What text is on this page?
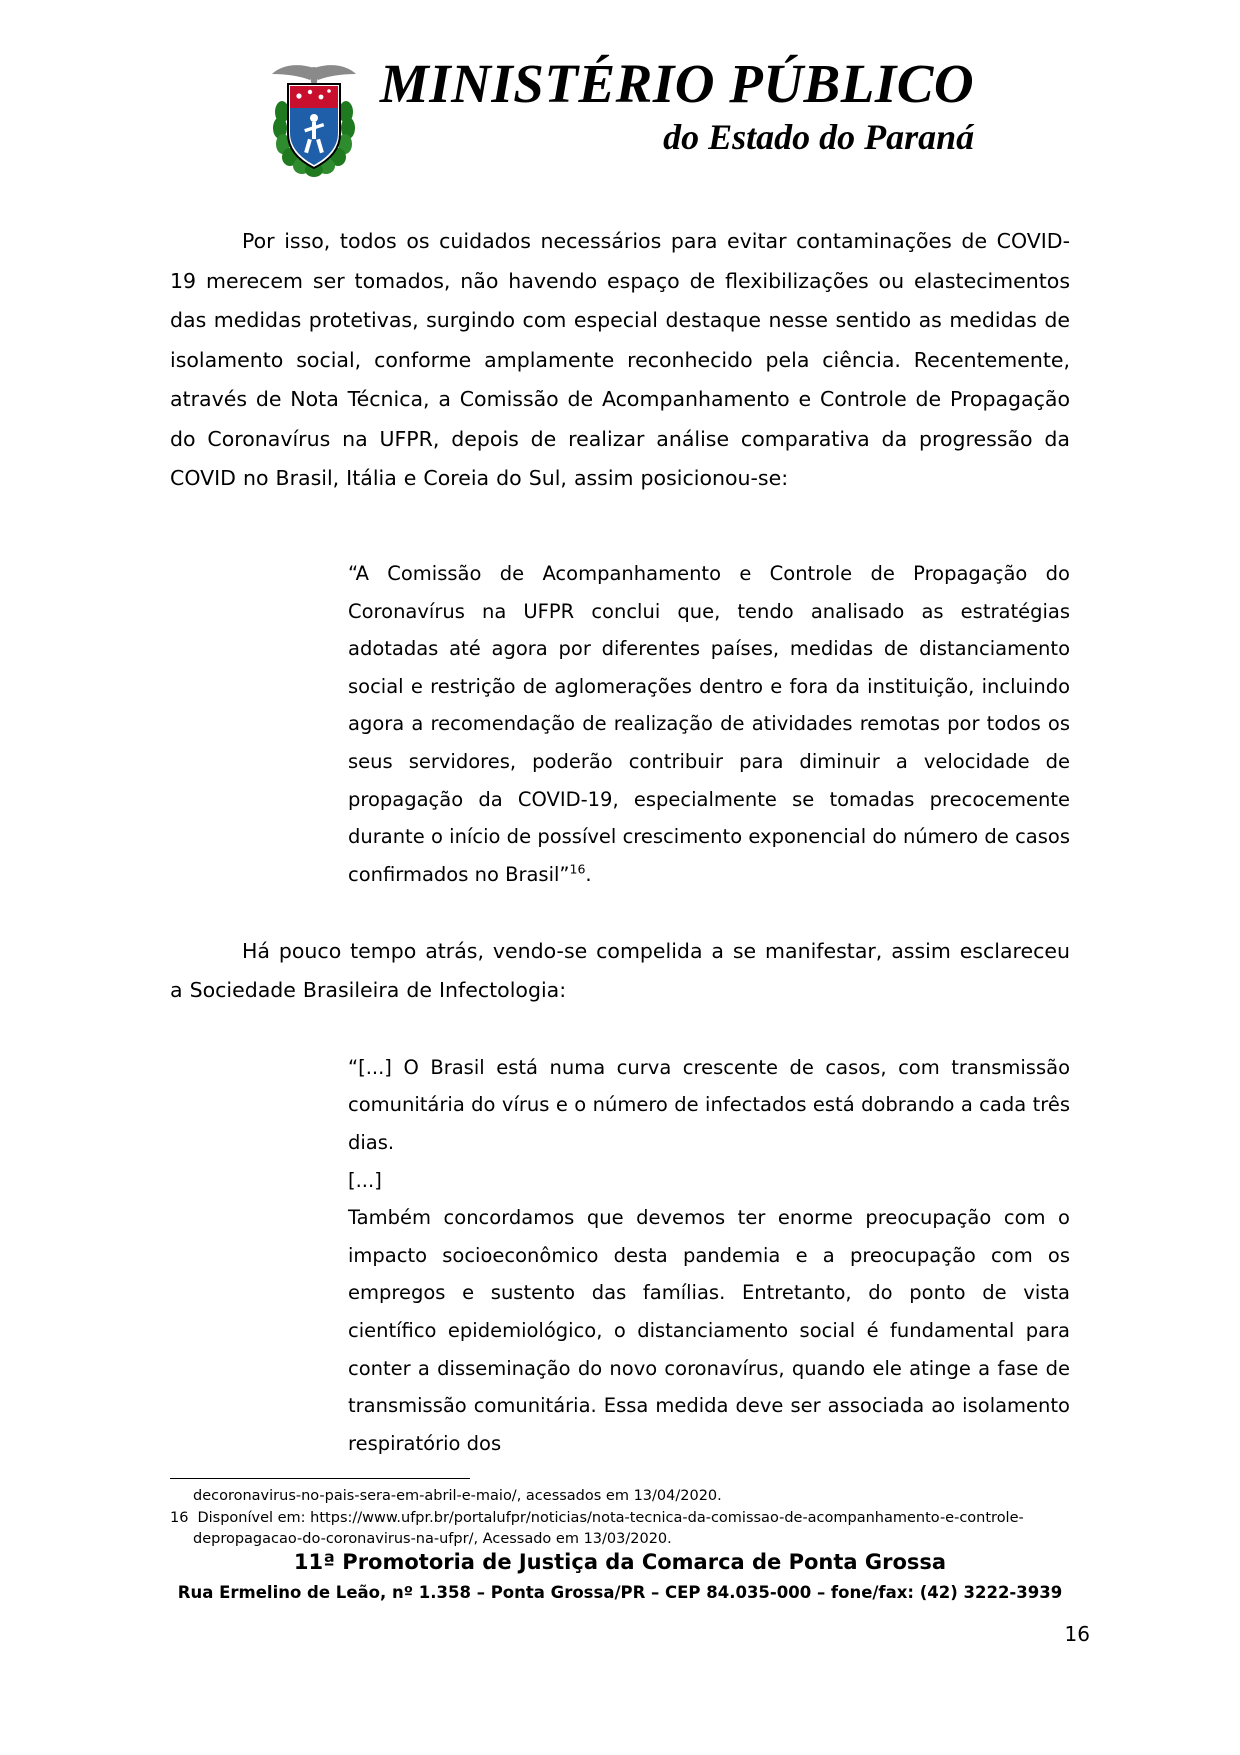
MINISTÉRIO PÚBLICO
do Estado do Paraná

Por isso, todos os cuidados necessários para evitar contaminações de COVID-19 merecem ser tomados, não havendo espaço de flexibilizações ou elastecimentos das medidas protetivas, surgindo com especial destaque nesse sentido as medidas de isolamento social, conforme amplamente reconhecido pela ciência. Recentemente, através de Nota Técnica, a Comissão de Acompanhamento e Controle de Propagação do Coronavírus na UFPR, depois de realizar análise comparativa da progressão da COVID no Brasil, Itália e Coreia do Sul, assim posicionou-se:

“A Comissão de Acompanhamento e Controle de Propagação do Coronavírus na UFPR conclui que, tendo analisado as estratégias adotadas até agora por diferentes países, medidas de distanciamento social e restrição de aglomerações dentro e fora da instituição, incluindo agora a recomendação de realização de atividades remotas por todos os seus servidores, poderão contribuir para diminuir a velocidade de propagação da COVID-19, especialmente se tomadas precocemente durante o início de possível crescimento exponencial do número de casos confirmados no Brasil”$^{16}$.

Há pouco tempo atrás, vendo-se compelida a se manifestar, assim esclareceu a Sociedade Brasileira de Infectologia:

“[...] O Brasil está numa curva crescente de casos, com transmissão comunitária do vírus e o número de infectados está dobrando a cada três dias.

[...]

Também concordamos que devemos ter enorme preocupação com o impacto socioeconômico desta pandemia e a preocupação com os empregos e sustento das famílias. Entretanto, do ponto de vista científico epidemiológico, o distanciamento social é fundamental para conter a disseminação do novo coronavírus, quando ele atinge a fase de transmissão comunitária. Essa medida deve ser associada ao isolamento respiratório dos

decoronavirus-no-pais-sera-em-abril-e-maio/, acessados em 13/04/2020.
16 Disponível em: https://www.ufpr.br/portalufpr/noticias/nota-tecnica-da-comissao-de-acompanhamento-e-controle-
depropagacao-do-coronavirus-na-ufpr/, Acessado em 13/03/2020.
11ª Promotoria de Justiça da Comarca de Ponta Grossa
Rua Ermelino de Leão, nº 1.358 – Ponta Grossa/PR – CEP 84.035-000 – fone/fax: (42) 3222-3939
16
